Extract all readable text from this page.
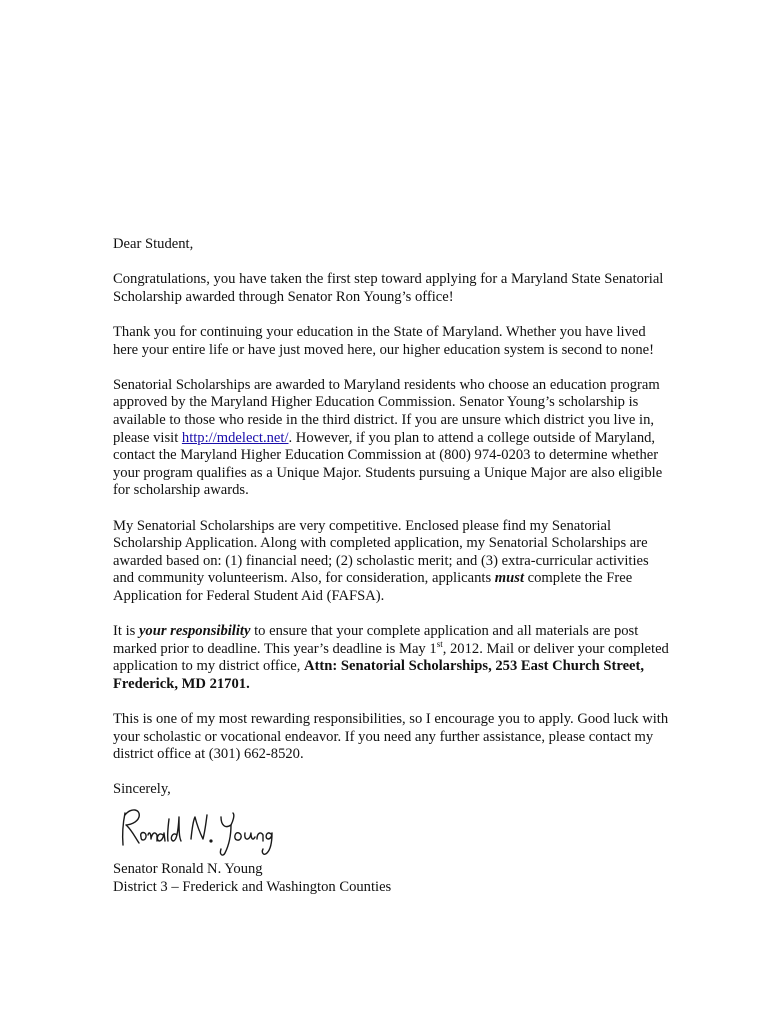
Dear Student,

Congratulations, you have taken the first step toward applying for a Maryland State Senatorial Scholarship awarded through Senator Ron Young’s office!

Thank you for continuing your education in the State of Maryland. Whether you have lived here your entire life or have just moved here, our higher education system is second to none!

Senatorial Scholarships are awarded to Maryland residents who choose an education program approved by the Maryland Higher Education Commission. Senator Young’s scholarship is available to those who reside in the third district. If you are unsure which district you live in, please visit http://mdelect.net/. However, if you plan to attend a college outside of Maryland, contact the Maryland Higher Education Commission at (800) 974-0203 to determine whether your program qualifies as a Unique Major. Students pursuing a Unique Major are also eligible for scholarship awards.

My Senatorial Scholarships are very competitive. Enclosed please find my Senatorial Scholarship Application. Along with completed application, my Senatorial Scholarships are awarded based on: (1) financial need; (2) scholastic merit; and (3) extra-curricular activities and community volunteerism. Also, for consideration, applicants must complete the Free Application for Federal Student Aid (FAFSA).

It is your responsibility to ensure that your complete application and all materials are post marked prior to deadline. This year’s deadline is May 1st, 2012. Mail or deliver your completed application to my district office, Attn: Senatorial Scholarships, 253 East Church Street, Frederick, MD 21701.

This is one of my most rewarding responsibilities, so I encourage you to apply. Good luck with your scholastic or vocational endeavor. If you need any further assistance, please contact my district office at (301) 662-8520.

Sincerely,

Senator Ronald N. Young

District 3 – Frederick and Washington Counties
